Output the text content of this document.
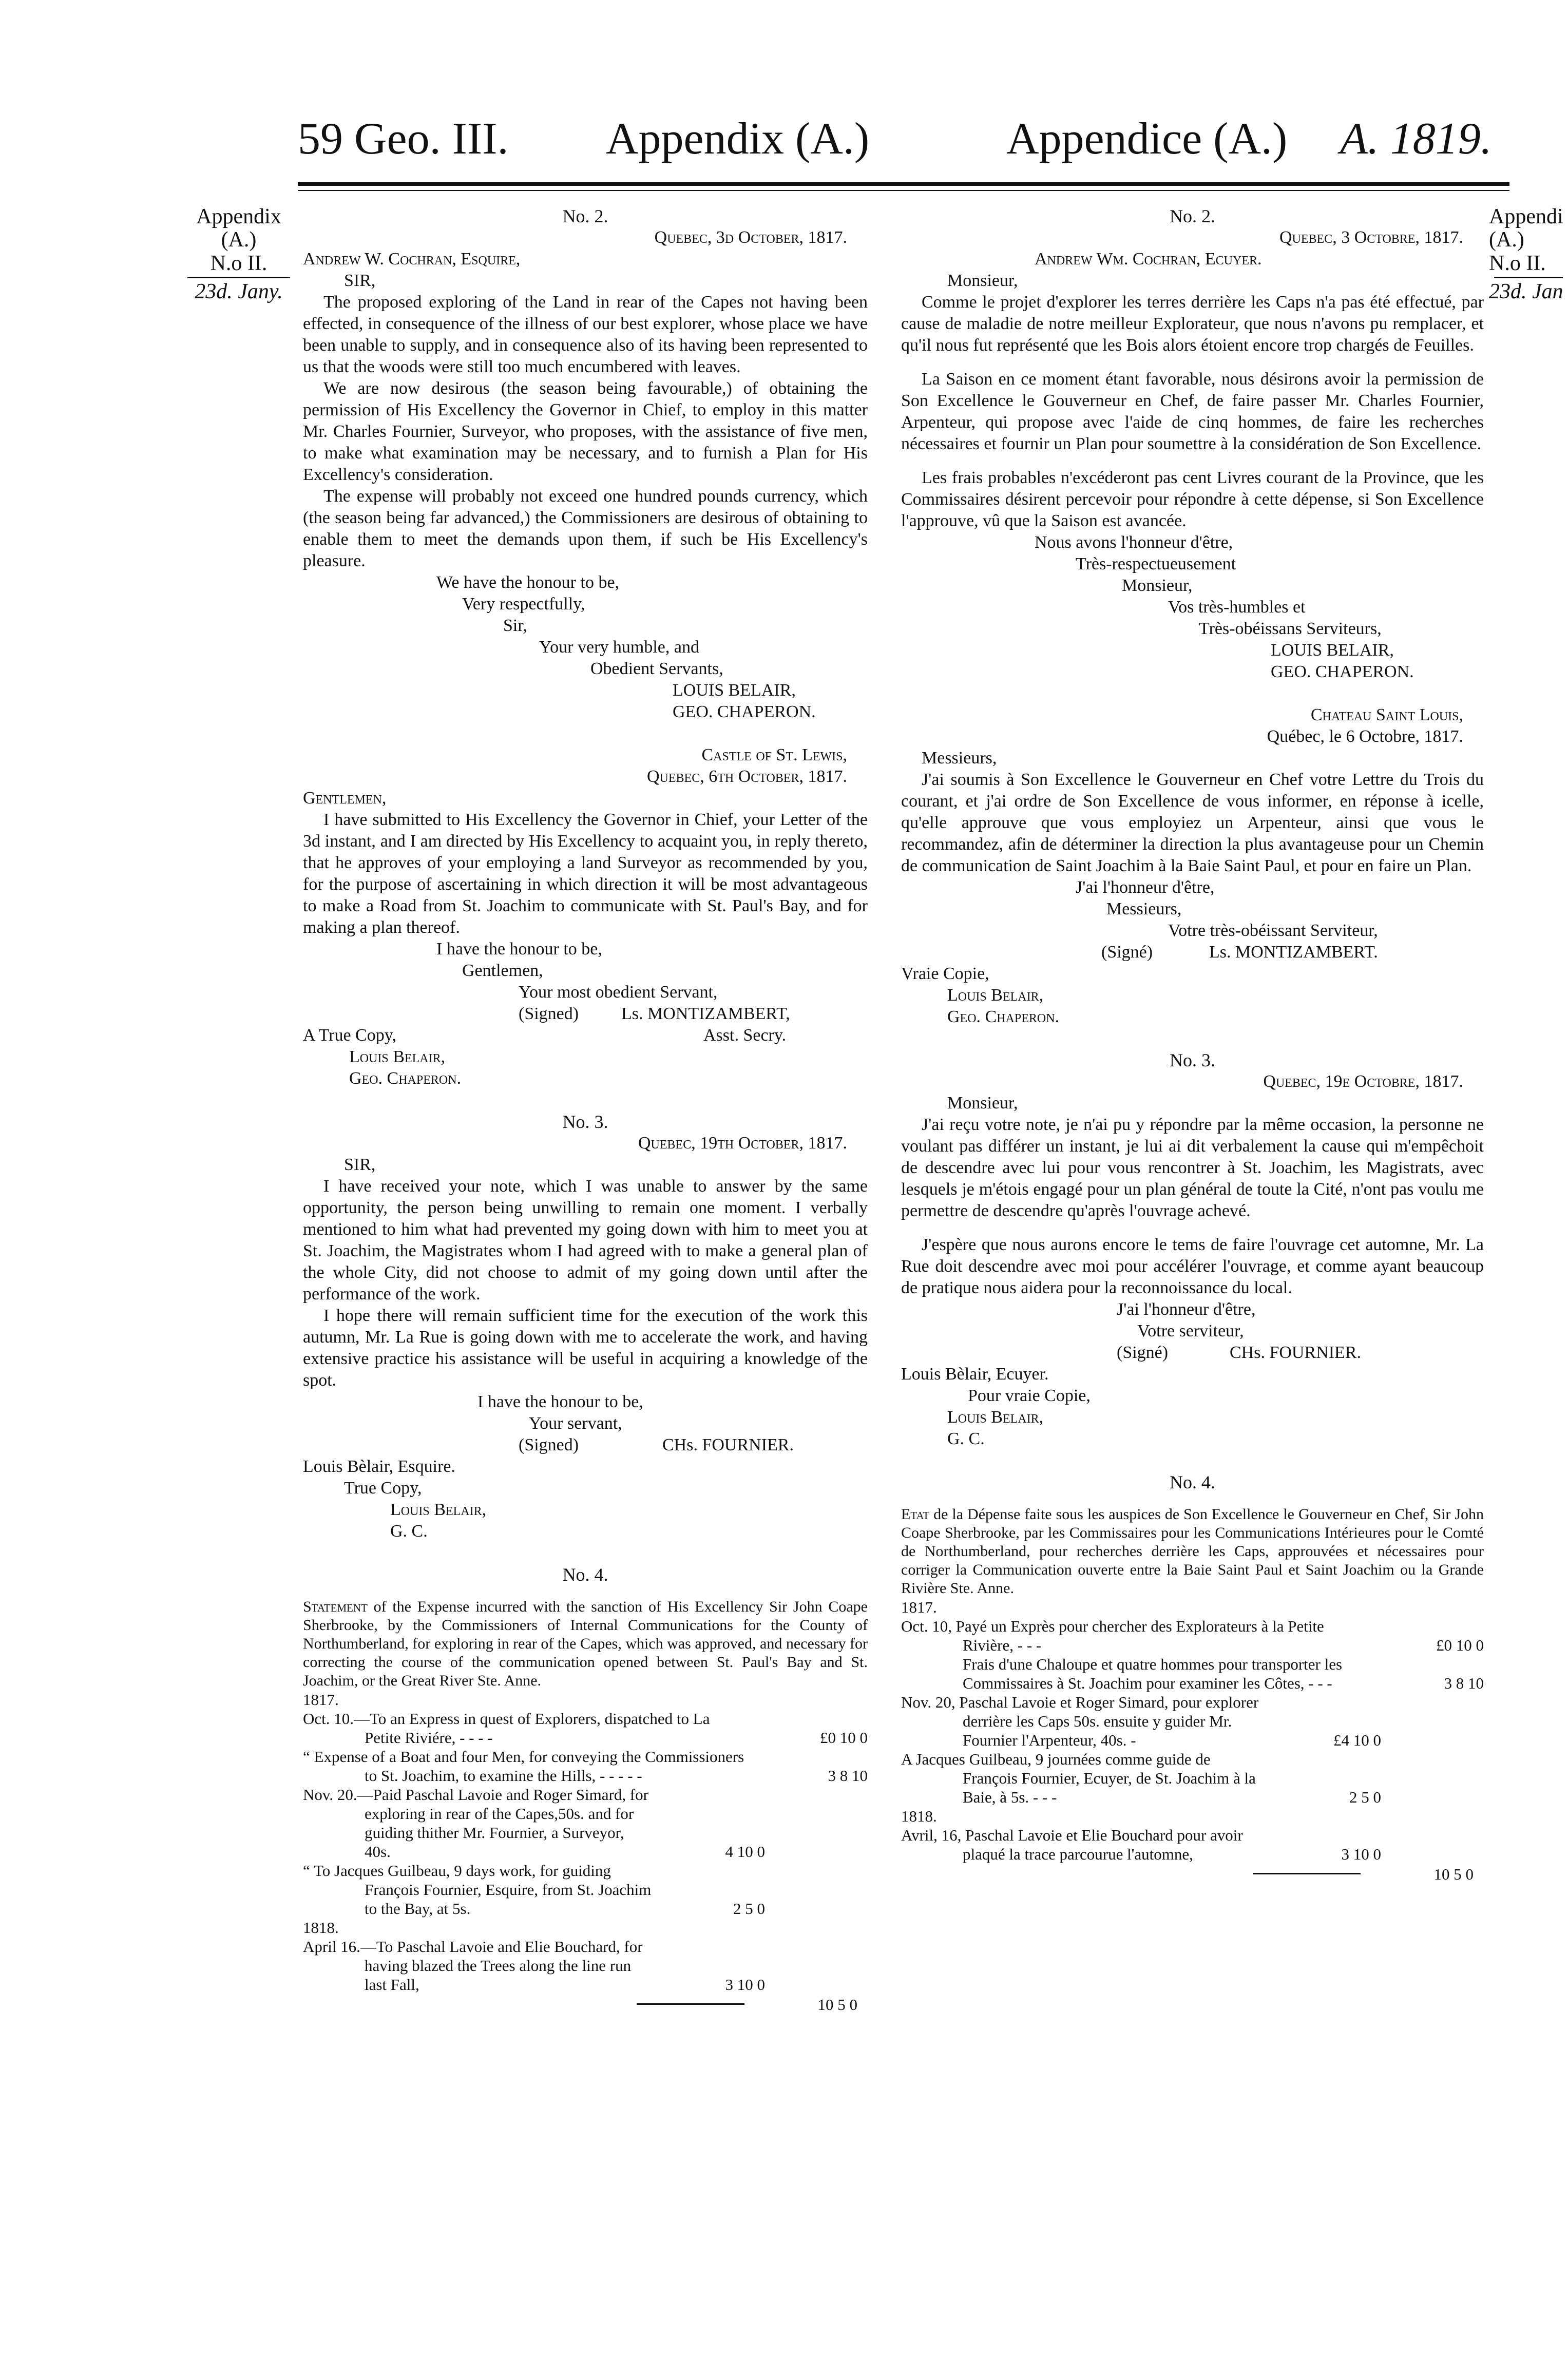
59 Geo. III. Appendix (A.)	Appendice (A.) A. 1819.
Appendix
(A.)
N.o II.
23d. Jany.
Appendi
(A.)
N.o II.
23d. Jan

No. 2.

Quebec, 3d October, 1817.

Andrew W. Cochran, Esquire,

SIR,

The proposed exploring of the Land in rear of the Capes not having been effected, in consequence of the illness of our best explorer, whose place we have been unable to supply, and in consequence also of its having been represented to us that the woods were still too much encumbered with leaves.

We are now desirous (the season being favourable,) of obtaining the permission of His Excellency the Governor in Chief, to employ in this matter Mr. Charles Fournier, Surveyor, who proposes, with the assistance of five men, to make what examination may be necessary, and to furnish a Plan for His Excellency's consideration.

The expense will probably not exceed one hundred pounds currency, which (the season being far advanced,) the Commissioners are desirous of obtaining to enable them to meet the demands upon them, if such be His Excellency's pleasure.

We have the honour to be,

Very respectfully,

Sir,

Your very humble, and

Obedient Servants,

LOUIS BELAIR,

GEO. CHAPERON.

Castle of St. Lewis,

Quebec, 6th October, 1817.

Gentlemen,

I have submitted to His Excellency the Governor in Chief, your Letter of the 3d instant, and I am directed by His Excellency to acquaint you, in reply thereto, that he approves of your employing a land Surveyor as recommended by you, for the purpose of ascertaining in which direction it will be most advantageous to make a Road from St. Joachim to communicate with St. Paul's Bay, and for making a plan thereof.

I have the honour to be,

Gentlemen,

Your most obedient Servant,

(Signed) Ls. MONTIZAMBERT,
A True Copy,	Asst. Secry.

Louis Belair,

Geo. Chaperon.

No. 3.

Quebec, 19th October, 1817.

SIR,

I have received your note, which I was unable to answer by the same opportunity, the person being unwilling to remain one moment. I verbally mentioned to him what had prevented my going down with him to meet you at St. Joachim, the Magistrates whom I had agreed with to make a general plan of the whole City, did not choose to admit of my going down until after the performance of the work.

I hope there will remain sufficient time for the execution of the work this autumn, Mr. La Rue is going down with me to accelerate the work, and having extensive practice his assistance will be useful in acquiring a knowledge of the spot.

I have the honour to be,

Your servant,

(Signed)	CHs. FOURNIER.

Louis Bèlair, Esquire.

True Copy,

Louis Belair,

G. C.

No. 4.

Statement of the Expense incurred with the sanction of His Excellency Sir John Coape Sherbrooke, by the Commissioners of Internal Communications for the County of Northumberland, for exploring in rear of the Capes, which was approved, and necessary for correcting the course of the communication opened between St. Paul's Bay and St. Joachim, or the Great River Ste. Anne.

1817.

Oct. 10.—To an Express in quest of Explorers, dispatched to La Petite Riviére, - - - -	£0 10 0
“ Expense of a Boat and four Men, for conveying the Commissioners to St. Joachim, to examine the Hills, - - - - -	3 8 10
Nov. 20.—Paid Paschal Lavoie and Roger Simard, for exploring in rear of the Capes,50s. and for guiding thither Mr. Fournier, a Surveyor, 40s.	4 10 0
“ To Jacques Guilbeau, 9 days work, for guiding François Fournier, Esquire, from St. Joachim to the Bay, at 5s.	2 5 0

1818.

April 16.—To Paschal Lavoie and Elie Bouchard, for having blazed the Trees along the line run last Fall,	3 10 0
10 5 0

No. 2.

Quebec, 3 Octobre, 1817.

Andrew Wm. Cochran, Ecuyer.

Monsieur,

Comme le projet d'explorer les terres derrière les Caps n'a pas été effectué, par cause de maladie de notre meilleur Explorateur, que nous n'avons pu remplacer, et qu'il nous fut représenté que les Bois alors étoient encore trop chargés de Feuilles.

La Saison en ce moment étant favorable, nous désirons avoir la permission de Son Excellence le Gouverneur en Chef, de faire passer Mr. Charles Fournier, Arpenteur, qui propose avec l'aide de cinq hommes, de faire les recherches nécessaires et fournir un Plan pour soumettre à la considération de Son Excellence.

Les frais probables n'excéderont pas cent Livres courant de la Province, que les Commissaires désirent percevoir pour répondre à cette dépense, si Son Excellence l'approuve, vû que la Saison est avancée.

Nous avons l'honneur d'être,

Très-respectueusement

Monsieur,

Vos très-humbles et

Très-obéissans Serviteurs,

LOUIS BELAIR,

GEO. CHAPERON.

Chateau Saint Louis,

Québec, le 6 Octobre, 1817.

Messieurs,

J'ai soumis à Son Excellence le Gouverneur en Chef votre Lettre du Trois du courant, et j'ai ordre de Son Excellence de vous informer, en réponse à icelle, qu'elle approuve que vous employiez un Arpenteur, ainsi que vous le recommandez, afin de déterminer la direction la plus avantageuse pour un Chemin de communication de Saint Joachim à la Baie Saint Paul, et pour en faire un Plan.

J'ai l'honneur d'être,

Messieurs,

Votre très-obéissant Serviteur,

(Signé)	Ls. MONTIZAMBERT.

Vraie Copie,

Louis Belair,

Geo. Chaperon.

No. 3.

Quebec, 19e Octobre, 1817.

Monsieur,

J'ai reçu votre note, je n'ai pu y répondre par la même occasion, la personne ne voulant pas différer un instant, je lui ai dit verbalement la cause qui m'empêchoit de descendre avec lui pour vous rencontrer à St. Joachim, les Magistrats, avec lesquels je m'étois engagé pour un plan général de toute la Cité, n'ont pas voulu me permettre de descendre qu'après l'ouvrage achevé.

J'espère que nous aurons encore le tems de faire l'ouvrage cet automne, Mr. La Rue doit descendre avec moi pour accélérer l'ouvrage, et comme ayant beaucoup de pratique nous aidera pour la reconnoissance du local.

J'ai l'honneur d'être,

Votre serviteur,

(Signé)	CHs. FOURNIER.

Louis Bèlair, Ecuyer.

Pour vraie Copie,

Louis Belair,

G. C.

No. 4.

Etat de la Dépense faite sous les auspices de Son Excellence le Gouverneur en Chef, Sir John Coape Sherbrooke, par les Commissaires pour les Communications Intérieures pour le Comté de Northumberland, pour recherches derrière les Caps, approuvées et nécessaires pour corriger la Communication ouverte entre la Baie Saint Paul et Saint Joachim ou la Grande Rivière Ste. Anne.

1817.

Oct. 10, Payé un Exprès pour chercher des Explorateurs à la Petite Rivière, - - -	£0 10 0
Frais d'une Chaloupe et quatre hommes pour transporter les Commissaires à St. Joachim pour examiner les Côtes, - - -	3 8 10
Nov. 20, Paschal Lavoie et Roger Simard, pour explorer derrière les Caps 50s. ensuite y guider Mr. Fournier l'Arpenteur, 40s. -	£4 10 0
A Jacques Guilbeau, 9 journées comme guide de François Fournier, Ecuyer, de St. Joachim à la Baie, à 5s. - - -	2 5 0

1818.

Avril, 16, Paschal Lavoie et Elie Bouchard pour avoir plaqué la trace parcourue l'automne,	3 10 0
10 5 0
